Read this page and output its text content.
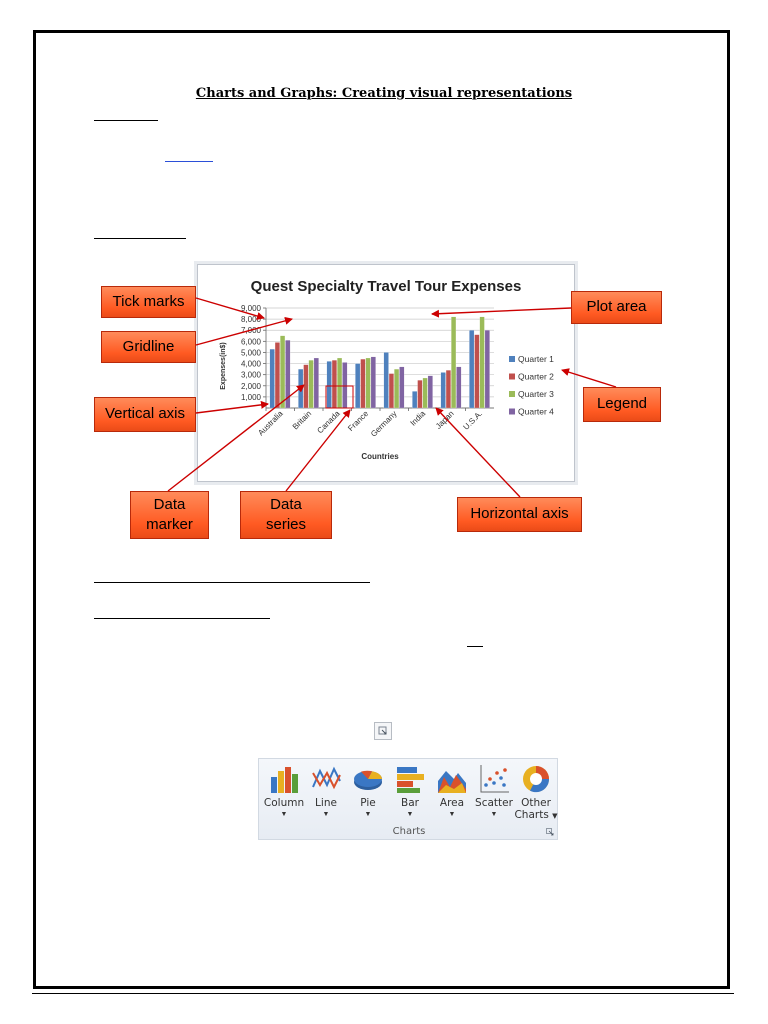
Charts and Graphs: Creating visual representations
Quest Specialty Travel Tour Expenses
1,000
2,000
3,000
4,000
5,000
6,000
7,000
8,000
9,000
Australia Britain Canada France
Germany India Japan U.S.A.
Quarter 1
Quarter 2
Quarter 3
Quarter 4
Expenses(in$)
Countries
Tick marks
Gridline
Vertical axis
Data
marker
Data
series
Horizontal axis
Plot area
Legend
Column
▼
Line
▼
Pie
▼
Bar
▼
Area
▼
Scatter
▼
Other
Charts ▼
Charts
